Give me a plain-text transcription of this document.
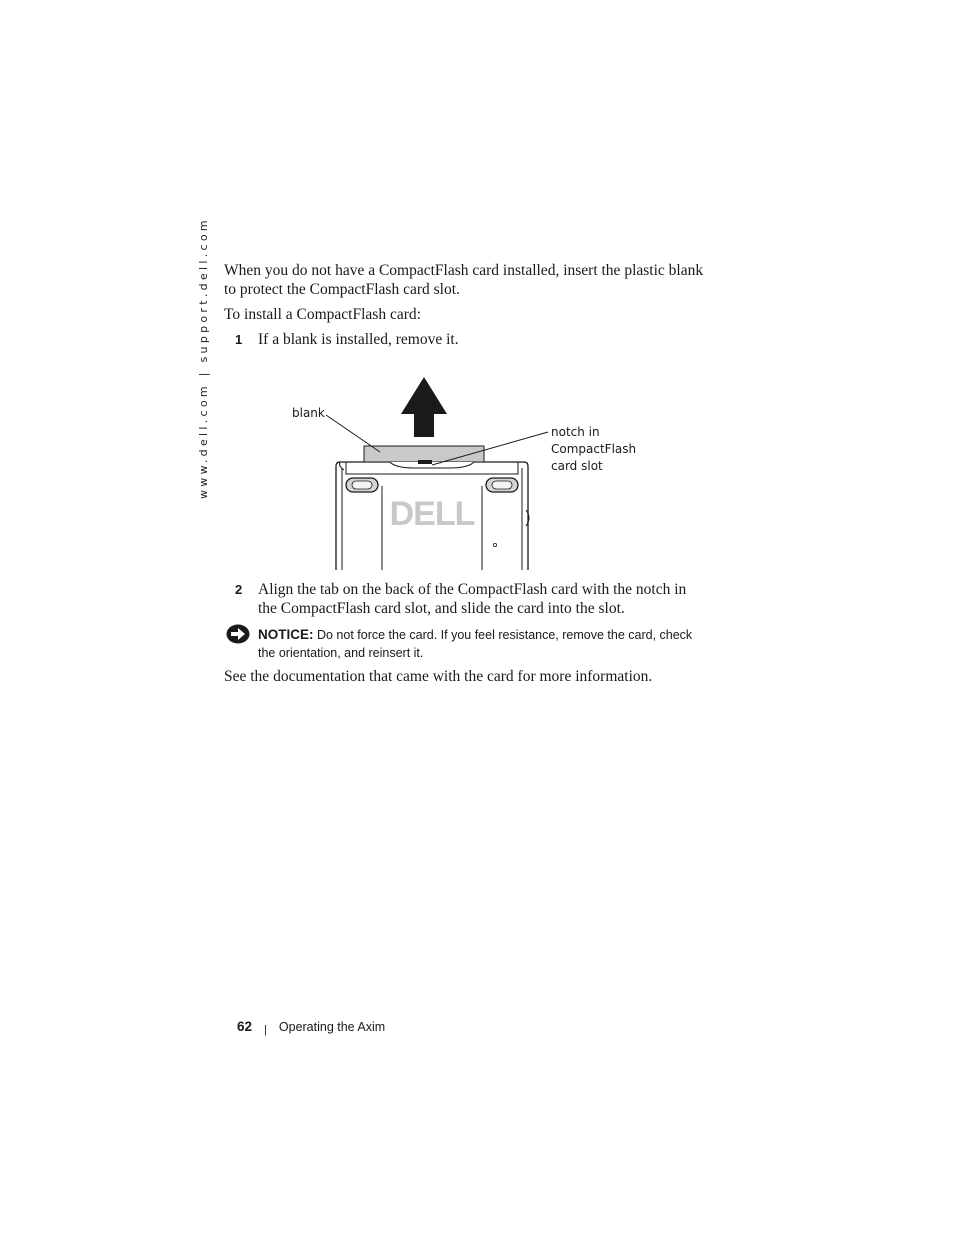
www.dell.com | support.dell.com When you do not have a CompactFlash card installed, insert the plastic blank to protect the CompactFlash card slot.

To install a CompactFlash card:

1 If a blank is installed, remove it.

DELL
blank
notch in
CompactFlash
card slot
2 Align the tab on the back of the CompactFlash card with the notch in the CompactFlash card slot, and slide the card into the slot.

NOTICE: Do not force the card. If you feel resistance, remove the card, check the orientation, and reinsert it.

See the documentation that came with the card for more information.

62 | Operating the Axim
